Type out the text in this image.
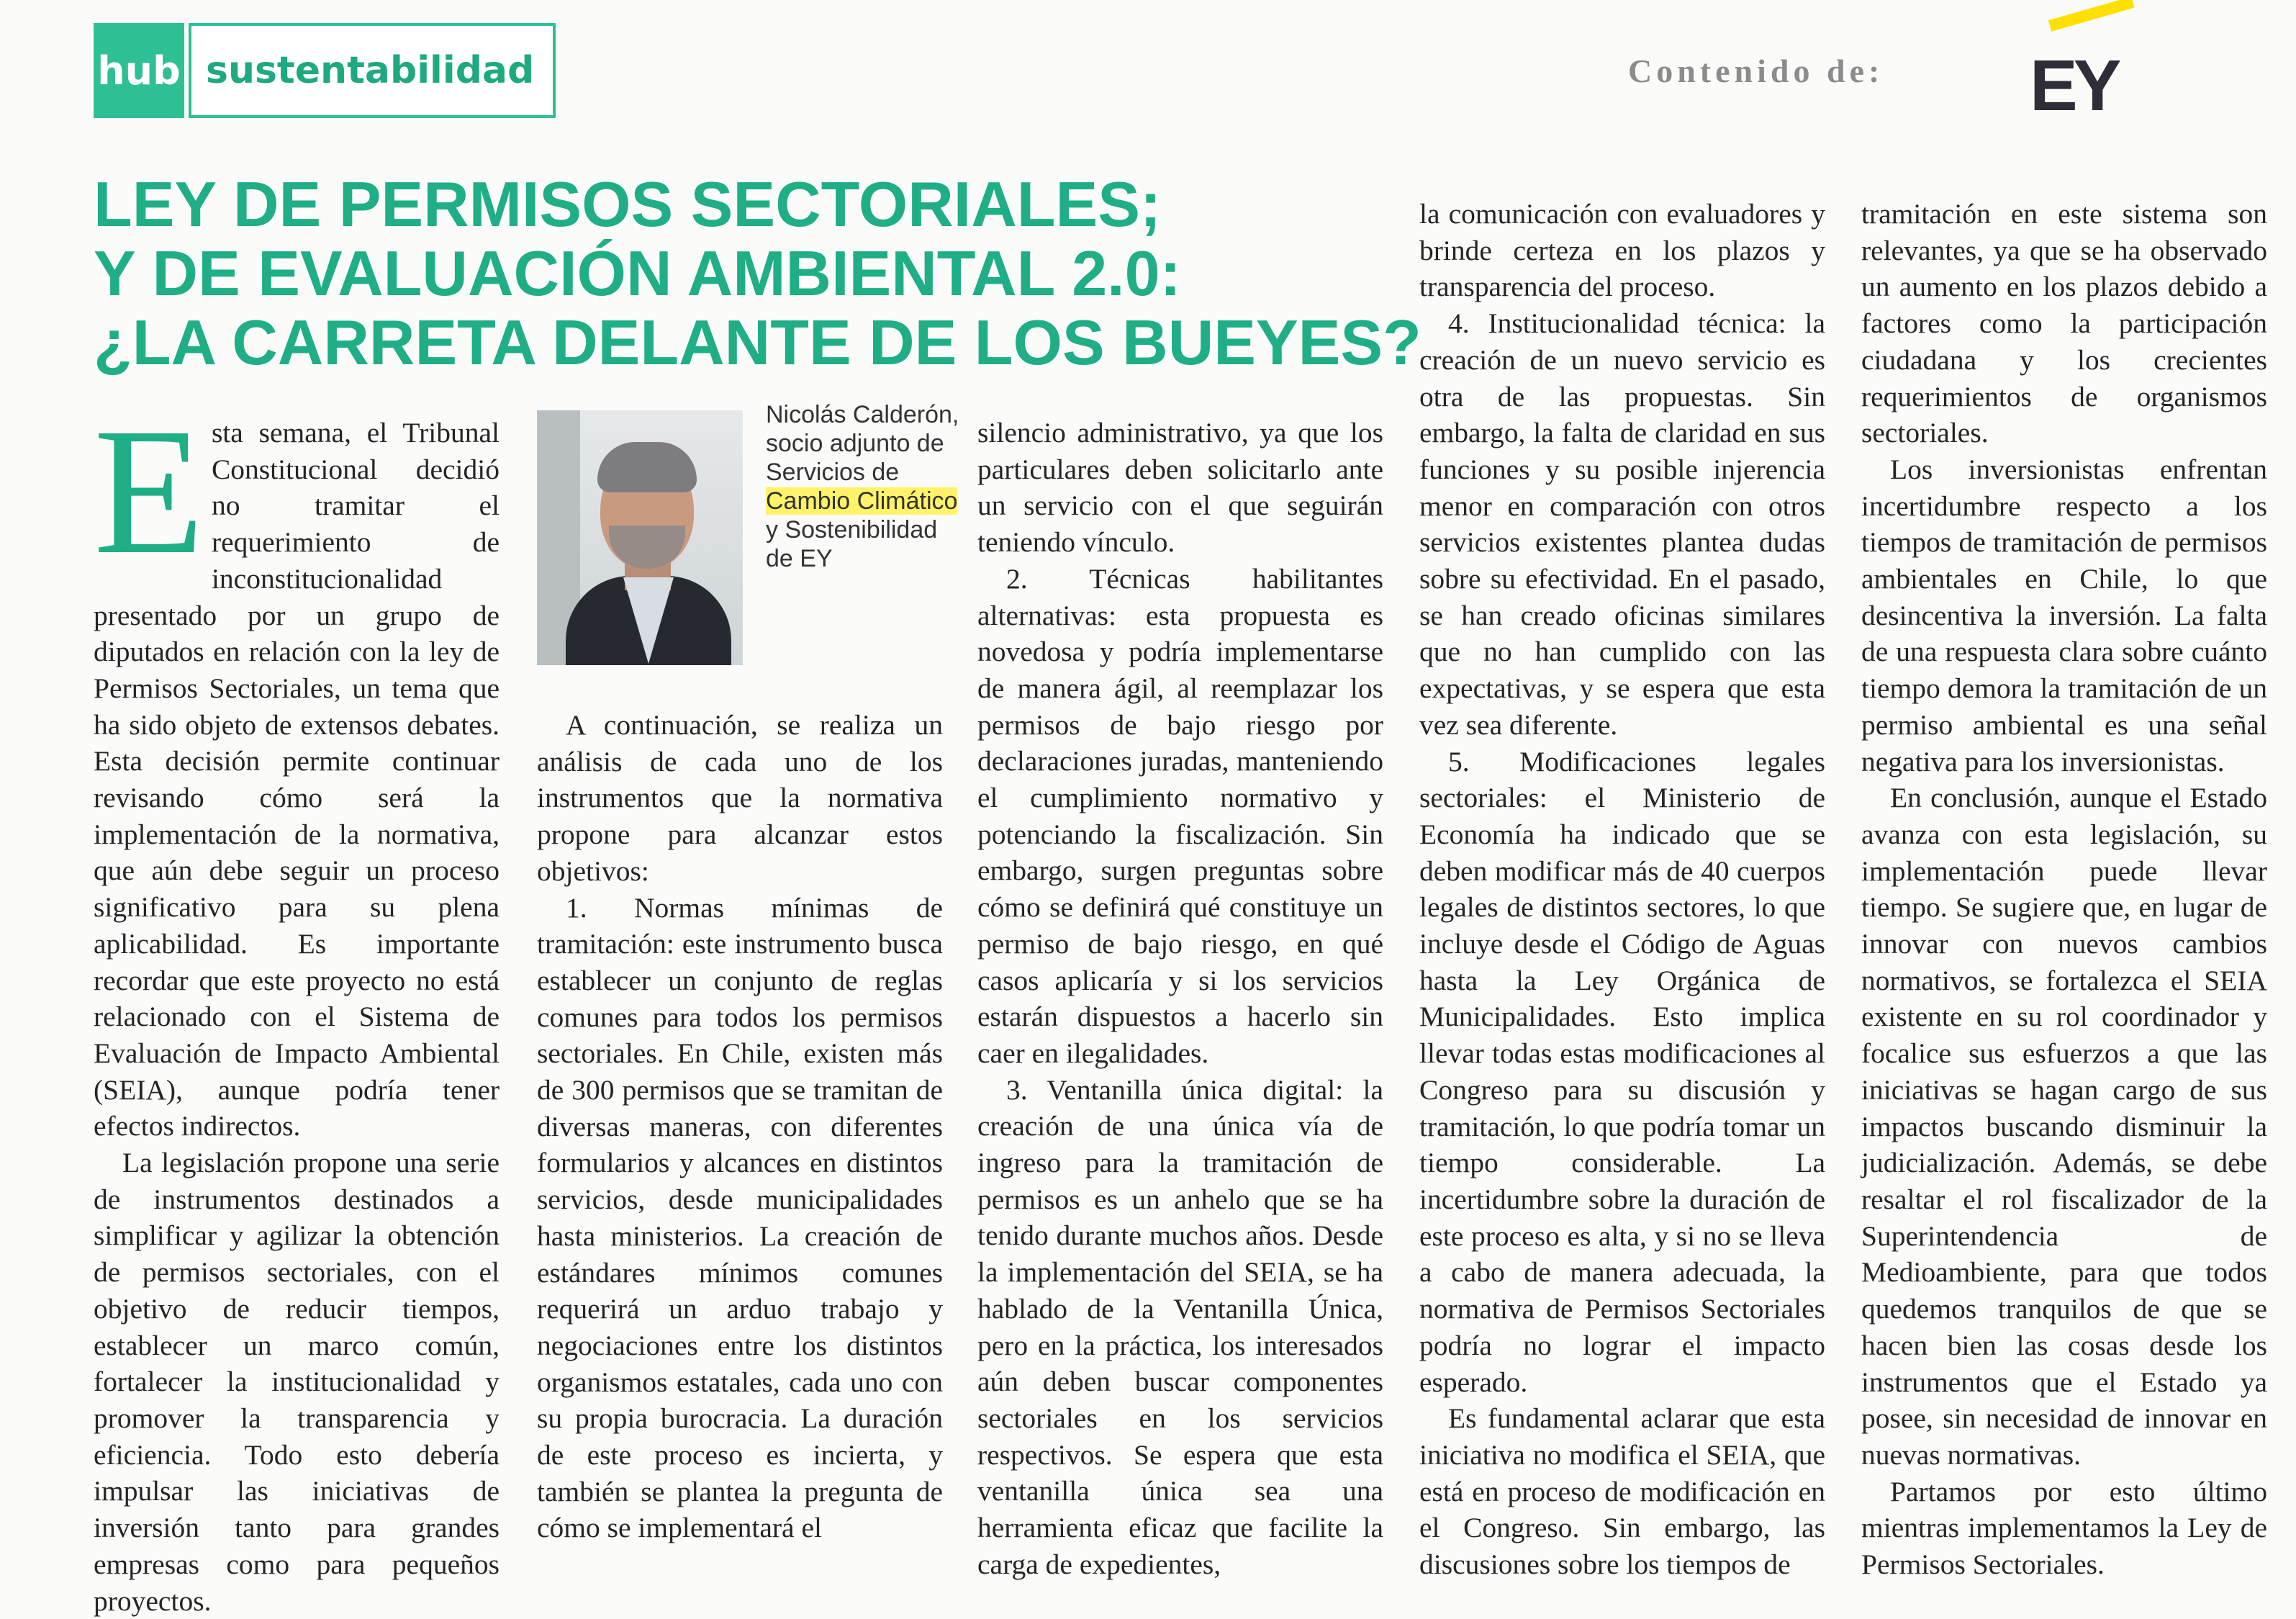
hub sustentabilidad	Contenido de: EY
LEY DE PERMISOS SECTORIALES;
Y DE EVALUACIÓN AMBIENTAL 2.0:
¿LA CARRETA DELANTE DE LOS BUEYES?
Nicolás Calderón, socio adjunto de Servicios de Cambio Climático y Sostenibilidad de EY

Esta semana, el Tribunal Constitucional decidió no tramitar el requerimiento de inconstitucionalidad presentado por un grupo de diputados en relación con la ley de Permisos Sectoriales, un tema que ha sido objeto de extensos debates. Esta decisión permite continuar revisando cómo será la implementación de la normativa, que aún debe seguir un proceso significativo para su plena aplicabilidad. Es importante recordar que este proyecto no está relacionado con el Sistema de Evaluación de Impacto Ambiental (SEIA), aunque podría tener efectos indirectos.

La legislación propone una serie de instrumentos destinados a simplificar y agilizar la obtención de permisos sectoriales, con el objetivo de reducir tiempos, establecer un marco común, fortalecer la institucionalidad y promover la transparencia y eficiencia. Todo esto debería impulsar las iniciativas de inversión tanto para grandes empresas como para pequeños proyectos.

A continuación, se realiza un análisis de cada uno de los instrumentos que la normativa propone para alcanzar estos objetivos:

1. Normas mínimas de tramitación: este instrumento busca establecer un conjunto de reglas comunes para todos los permisos sectoriales. En Chile, existen más de 300 permisos que se tramitan de diversas maneras, con diferentes formularios y alcances en distintos servicios, desde municipalidades hasta ministerios. La creación de estándares mínimos comunes requerirá un arduo trabajo y negociaciones entre los distintos organismos estatales, cada uno con su propia burocracia. La duración de este proceso es incierta, y también se plantea la pregunta de cómo se implementará el

silencio administrativo, ya que los particulares deben solicitarlo ante un servicio con el que seguirán teniendo vínculo.

2. Técnicas habilitantes alternativas: esta propuesta es novedosa y podría implementarse de manera ágil, al reemplazar los permisos de bajo riesgo por declaraciones juradas, manteniendo el cumplimiento normativo y potenciando la fiscalización. Sin embargo, surgen preguntas sobre cómo se definirá qué constituye un permiso de bajo riesgo, en qué casos aplicaría y si los servicios estarán dispuestos a hacerlo sin caer en ilegalidades.

3. Ventanilla única digital: la creación de una única vía de ingreso para la tramitación de permisos es un anhelo que se ha tenido durante muchos años. Desde la implementación del SEIA, se ha hablado de la Ventanilla Única, pero en la práctica, los interesados aún deben buscar componentes sectoriales en los servicios respectivos. Se espera que esta ventanilla única sea una herramienta eficaz que facilite la carga de expedientes,

la comunicación con evaluadores y brinde certeza en los plazos y transparencia del proceso.

4. Institucionalidad técnica: la creación de un nuevo servicio es otra de las propuestas. Sin embargo, la falta de claridad en sus funciones y su posible injerencia menor en comparación con otros servicios existentes plantea dudas sobre su efectividad. En el pasado, se han creado oficinas similares que no han cumplido con las expectativas, y se espera que esta vez sea diferente.

5. Modificaciones legales sectoriales: el Ministerio de Economía ha indicado que se deben modificar más de 40 cuerpos legales de distintos sectores, lo que incluye desde el Código de Aguas hasta la Ley Orgánica de Municipalidades. Esto implica llevar todas estas modificaciones al Congreso para su discusión y tramitación, lo que podría tomar un tiempo considerable. La incertidumbre sobre la duración de este proceso es alta, y si no se lleva a cabo de manera adecuada, la normativa de Permisos Sectoriales podría no lograr el impacto esperado.

Es fundamental aclarar que esta iniciativa no modifica el SEIA, que está en proceso de modificación en el Congreso. Sin embargo, las discusiones sobre los tiempos de

tramitación en este sistema son relevantes, ya que se ha observado un aumento en los plazos debido a factores como la participación ciudadana y los crecientes requerimientos de organismos sectoriales.

Los inversionistas enfrentan incertidumbre respecto a los tiempos de tramitación de permisos ambientales en Chile, lo que desincentiva la inversión. La falta de una respuesta clara sobre cuánto tiempo demora la tramitación de un permiso ambiental es una señal negativa para los inversionistas.

En conclusión, aunque el Estado avanza con esta legislación, su implementación puede llevar tiempo. Se sugiere que, en lugar de innovar con nuevos cambios normativos, se fortalezca el SEIA existente en su rol coordinador y focalice sus esfuerzos a que las iniciativas se hagan cargo de sus impactos buscando disminuir la judicialización. Además, se debe resaltar el rol fiscalizador de la Superintendencia de Medioambiente, para que todos quedemos tranquilos de que se hacen bien las cosas desde los instrumentos que el Estado ya posee, sin necesidad de innovar en nuevas normativas.

Partamos por esto último mientras implementamos la Ley de Permisos Sectoriales.
